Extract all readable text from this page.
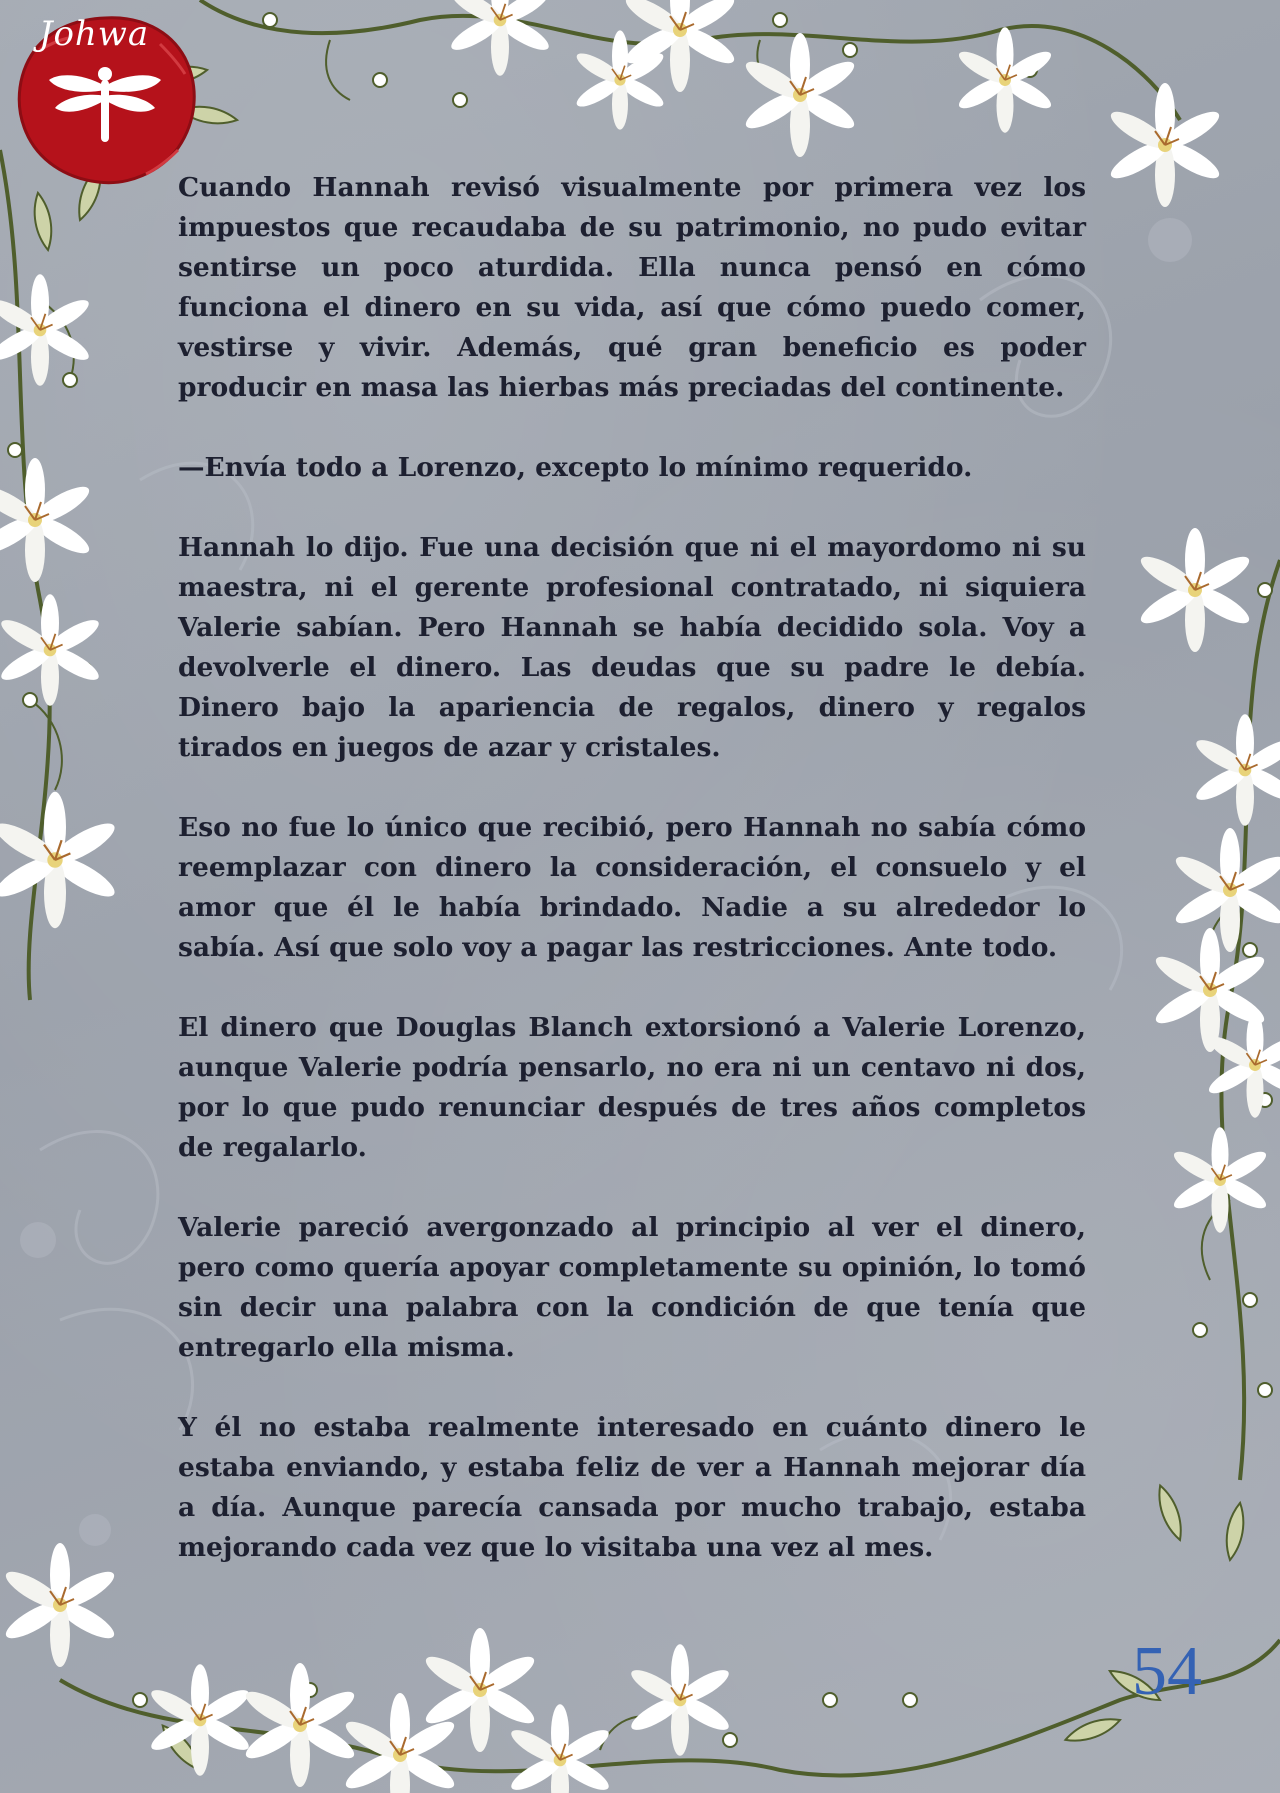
Johwa

Cuando Hannah revisó visualmente por primera vez los impuestos que recaudaba de su patrimonio, no pudo evitar sentirse un poco aturdida. Ella nunca pensó en cómo funciona el dinero en su vida, así que cómo puedo comer, vestirse y vivir. Además, qué gran beneficio es poder producir en masa las hierbas más preciadas del continente.

—Envía todo a Lorenzo, excepto lo mínimo requerido.

Hannah lo dijo. Fue una decisión que ni el mayordomo ni su maestra, ni el gerente profesional contratado, ni siquiera Valerie sabían. Pero Hannah se había decidido sola. Voy a devolverle el dinero. Las deudas que su padre le debía. Dinero bajo la apariencia de regalos, dinero y regalos tirados en juegos de azar y cristales.

Eso no fue lo único que recibió, pero Hannah no sabía cómo reemplazar con dinero la consideración, el consuelo y el amor que él le había brindado. Nadie a su alrededor lo sabía. Así que solo voy a pagar las restricciones. Ante todo.

El dinero que Douglas Blanch extorsionó a Valerie Lorenzo, aunque Valerie podría pensarlo, no era ni un centavo ni dos, por lo que pudo renunciar después de tres años completos de regalarlo.

Valerie pareció avergonzado al principio al ver el dinero, pero como quería apoyar completamente su opinión, lo tomó sin decir una palabra con la condición de que tenía que entregarlo ella misma.

Y él no estaba realmente interesado en cuánto dinero le estaba enviando, y estaba feliz de ver a Hannah mejorar día a día. Aunque parecía cansada por mucho trabajo, estaba mejorando cada vez que lo visitaba una vez al mes.

54
